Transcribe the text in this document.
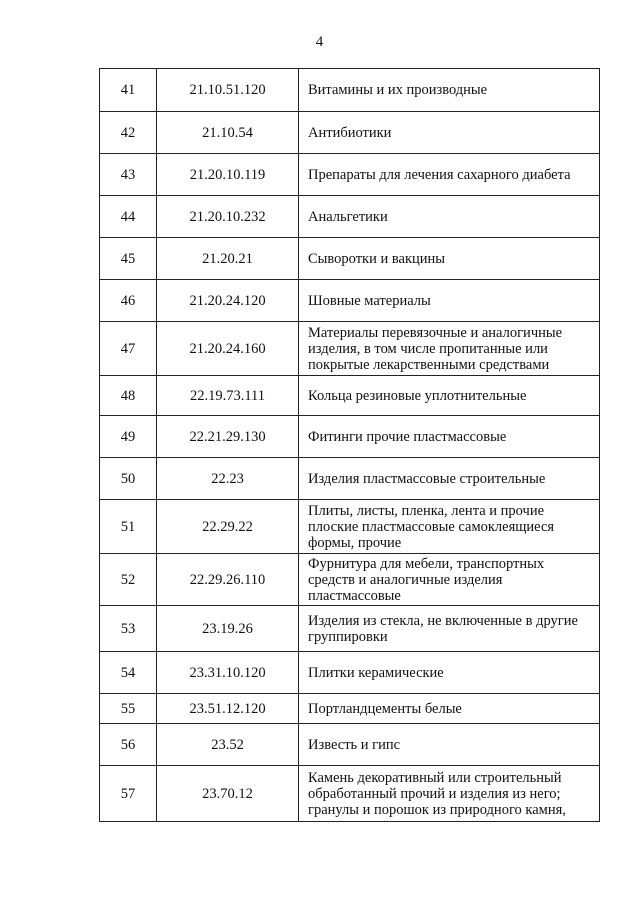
4
41	21.10.51.120	Витамины и их производные
42	21.10.54	Антибиотики
43	21.20.10.119	Препараты для лечения сахарного диабета
44	21.20.10.232	Анальгетики
45	21.20.21	Сыворотки и вакцины
46	21.20.24.120	Шовные материалы
47	21.20.24.160	Материалы перевязочные и аналогичные изделия, в том числе пропитанные или покрытые лекарственными средствами
48	22.19.73.111	Кольца резиновые уплотнительные
49	22.21.29.130	Фитинги прочие пластмассовые
50	22.23	Изделия пластмассовые строительные
51	22.29.22	Плиты, листы, пленка, лента и прочие плоские пластмассовые самоклеящиеся формы, прочие
52	22.29.26.110	Фурнитура для мебели, транспортных средств и аналогичные изделия пластмассовые
53	23.19.26	Изделия из стекла, не включенные в другие группировки
54	23.31.10.120	Плитки керамические
55	23.51.12.120	Портландцементы белые
56	23.52	Известь и гипс
57	23.70.12	Камень декоративный или строительный обработанный прочий и изделия из него; гранулы и порошок из природного камня,
